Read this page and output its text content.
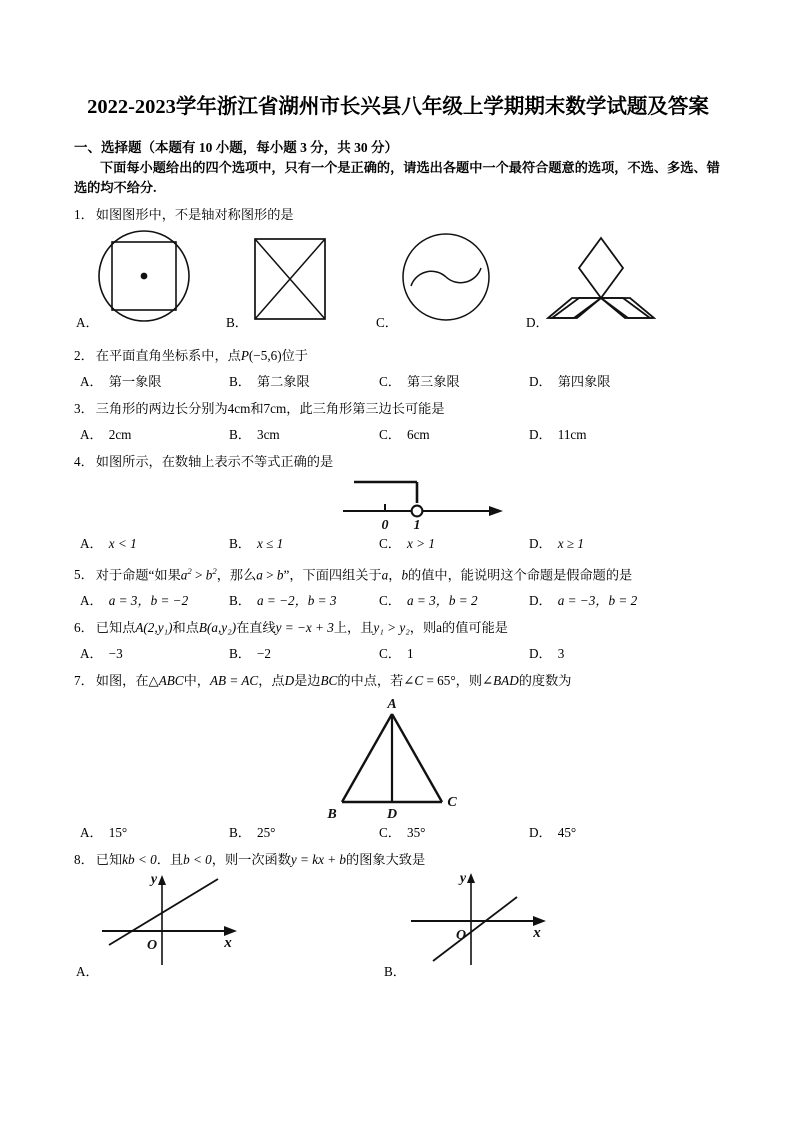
2022-2023学年浙江省湖州市长兴县八年级上学期期末数学试题及答案
一、选择题（本题有 10 小题，每小题 3 分，共 30 分）
下面每小题给出的四个选项中，只有一个是正确的，请选出各题中一个最符合题意的选项，不选、多选、错选的均不给分.
1． 如图图形中，不是轴对称图形的是
A．	B．	C．	D．
2． 在平面直角坐标系中，点P(−5,6)位于
A． 第一象限	B． 第二象限	C． 第三象限	D． 第四象限
3． 三角形的两边长分别为4cm和7cm，此三角形第三边长可能是
A． 2cm	B． 3cm	C． 6cm	D． 11cm
4． 如图所示，在数轴上表示不等式正确的是
0 1
A． x < 1	B． x ≤ 1	C． x > 1	D． x ≥ 1
5． 对于命题“如果$a^2 > b^2$，那么a > b”，下面四组关于a，b的值中，能说明这个命题是假命题的是
A． a = 3，b = −2	B． a = −2，b = 3	C． a = 3，b = 2	D． a = −3，b = 2
6． 已知点A(2,y₁)和点B(a,y₂)在直线y = −x + 3上，且y₁ > y₂，则a的值可能是
A． −3	B． −2	C． 1	D． 3
7． 如图，在△ABC中，AB = AC，点D是边BC的中点，若∠C = 65°，则∠BAD的度数为
A
B	D
C
A． 15°	B． 25°	C． 35°	D． 45°
8． 已知kb < 0．且b < 0，则一次函数y = kx + b的图象大致是
y
x
O
y
x
O
A．	B．
